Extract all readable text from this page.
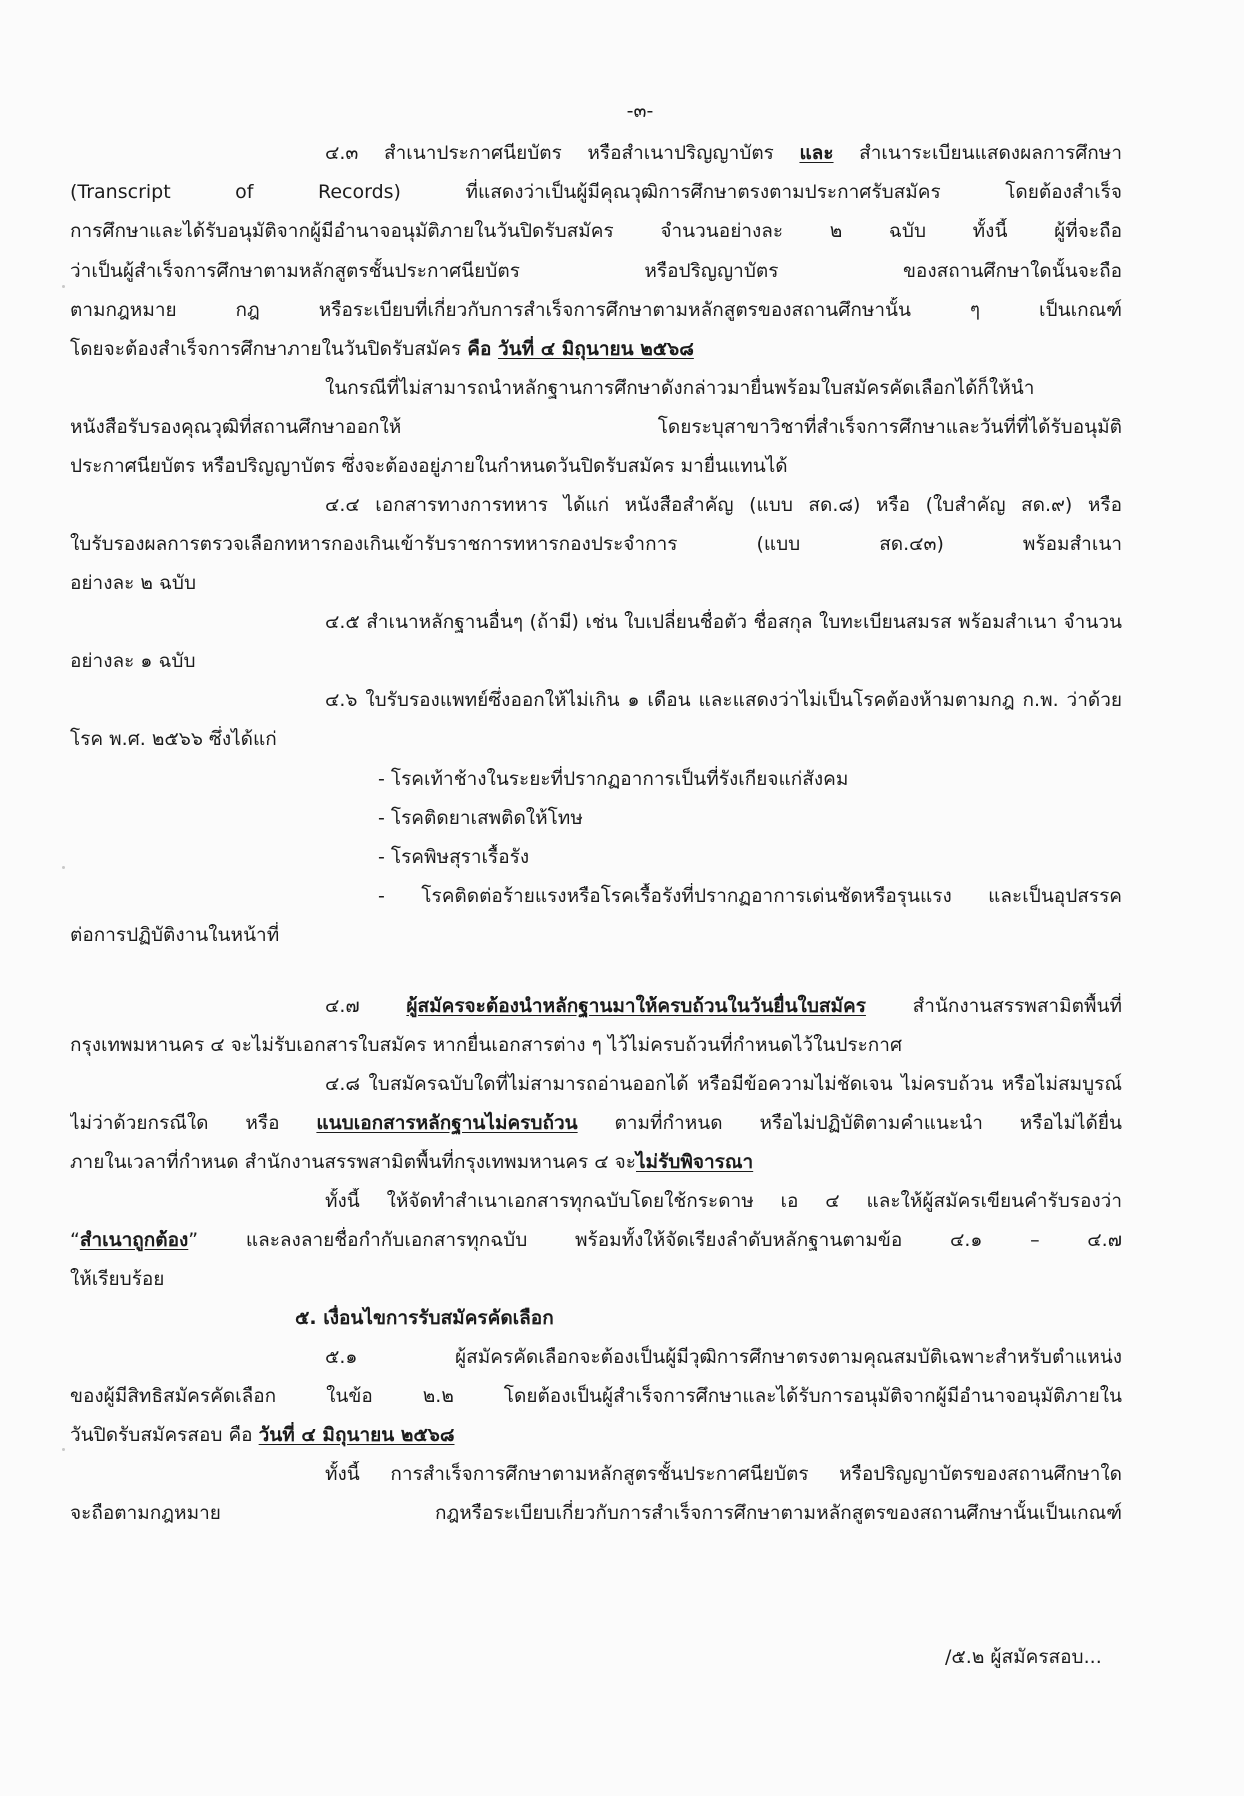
-๓-
๔.๓ สำเนาประกาศนียบัตร หรือสำเนาปริญญาบัตร และ สำเนาระเบียนแสดงผลการศึกษา
(Transcript of Records) ที่แสดงว่าเป็นผู้มีคุณวุฒิการศึกษาตรงตามประกาศรับสมัคร โดยต้องสำเร็จ
การศึกษาและได้รับอนุมัติจากผู้มีอำนาจอนุมัติภายในวันปิดรับสมัคร จำนวนอย่างละ ๒ ฉบับ ทั้งนี้ ผู้ที่จะถือ
ว่าเป็นผู้สำเร็จการศึกษาตามหลักสูตรชั้นประกาศนียบัตร หรือปริญญาบัตร ของสถานศึกษาใดนั้นจะถือ
ตามกฎหมาย กฎ หรือระเบียบที่เกี่ยวกับการสำเร็จการศึกษาตามหลักสูตรของสถานศึกษานั้น ๆ เป็นเกณฑ์
โดยจะต้องสำเร็จการศึกษาภายในวันปิดรับสมัคร คือ วันที่ ๔ มิถุนายน ๒๕๖๘
ในกรณีที่ไม่สามารถนำหลักฐานการศึกษาดังกล่าวมายื่นพร้อมใบสมัครคัดเลือกได้ก็ให้นำ
หนังสือรับรองคุณวุฒิที่สถานศึกษาออกให้ โดยระบุสาขาวิชาที่สำเร็จการศึกษาและวันที่ที่ได้รับอนุมัติ
ประกาศนียบัตร หรือปริญญาบัตร ซึ่งจะต้องอยู่ภายในกำหนดวันปิดรับสมัคร มายื่นแทนได้
๔.๔ เอกสารทางการทหาร ได้แก่ หนังสือสำคัญ (แบบ สด.๘) หรือ (ใบสำคัญ สด.๙) หรือ
ใบรับรองผลการตรวจเลือกทหารกองเกินเข้ารับราชการทหารกองประจำการ (แบบ สด.๔๓) พร้อมสำเนา
อย่างละ ๒ ฉบับ
๔.๕ สำเนาหลักฐานอื่นๆ (ถ้ามี) เช่น ใบเปลี่ยนชื่อตัว ชื่อสกุล ใบทะเบียนสมรส พร้อมสำเนา จำนวน
อย่างละ ๑ ฉบับ
๔.๖ ใบรับรองแพทย์ซึ่งออกให้ไม่เกิน ๑ เดือน และแสดงว่าไม่เป็นโรคต้องห้ามตามกฎ ก.พ. ว่าด้วย
โรค พ.ศ. ๒๕๖๖ ซึ่งได้แก่
- โรคเท้าช้างในระยะที่ปรากฏอาการเป็นที่รังเกียจแก่สังคม
- โรคติดยาเสพติดให้โทษ
- โรคพิษสุราเรื้อรัง
- โรคติดต่อร้ายแรงหรือโรคเรื้อรังที่ปรากฏอาการเด่นชัดหรือรุนแรง และเป็นอุปสรรค
ต่อการปฏิบัติงานในหน้าที่
๔.๗ ผู้สมัครจะต้องนำหลักฐานมาให้ครบถ้วนในวันยื่นใบสมัคร สำนักงานสรรพสามิตพื้นที่
กรุงเทพมหานคร ๔ จะไม่รับเอกสารใบสมัคร หากยื่นเอกสารต่าง ๆ ไว้ไม่ครบถ้วนที่กำหนดไว้ในประกาศ
๔.๘ ใบสมัครฉบับใดที่ไม่สามารถอ่านออกได้ หรือมีข้อความไม่ชัดเจน ไม่ครบถ้วน หรือไม่สมบูรณ์
ไม่ว่าด้วยกรณีใด หรือ แนบเอกสารหลักฐานไม่ครบถ้วน ตามที่กำหนด หรือไม่ปฏิบัติตามคำแนะนำ หรือไม่ได้ยื่น
ภายในเวลาที่กำหนด สำนักงานสรรพสามิตพื้นที่กรุงเทพมหานคร ๔ จะไม่รับพิจารณา
ทั้งนี้ ให้จัดทำสำเนาเอกสารทุกฉบับโดยใช้กระดาษ เอ ๔ และให้ผู้สมัครเขียนคำรับรองว่า
“สำเนาถูกต้อง” และลงลายชื่อกำกับเอกสารทุกฉบับ พร้อมทั้งให้จัดเรียงลำดับหลักฐานตามข้อ ๔.๑ – ๔.๗
ให้เรียบร้อย
๕. เงื่อนไขการรับสมัครคัดเลือก
๕.๑ ผู้สมัครคัดเลือกจะต้องเป็นผู้มีวุฒิการศึกษาตรงตามคุณสมบัติเฉพาะสำหรับตำแหน่ง
ของผู้มีสิทธิสมัครคัดเลือก ในข้อ ๒.๒ โดยต้องเป็นผู้สำเร็จการศึกษาและได้รับการอนุมัติจากผู้มีอำนาจอนุมัติภายใน
วันปิดรับสมัครสอบ คือ วันที่ ๔ มิถุนายน ๒๕๖๘
ทั้งนี้ การสำเร็จการศึกษาตามหลักสูตรชั้นประกาศนียบัตร หรือปริญญาบัตรของสถานศึกษาใด
จะถือตามกฎหมาย กฎหรือระเบียบเกี่ยวกับการสำเร็จการศึกษาตามหลักสูตรของสถานศึกษานั้นเป็นเกณฑ์
/๕.๒ ผู้สมัครสอบ...
